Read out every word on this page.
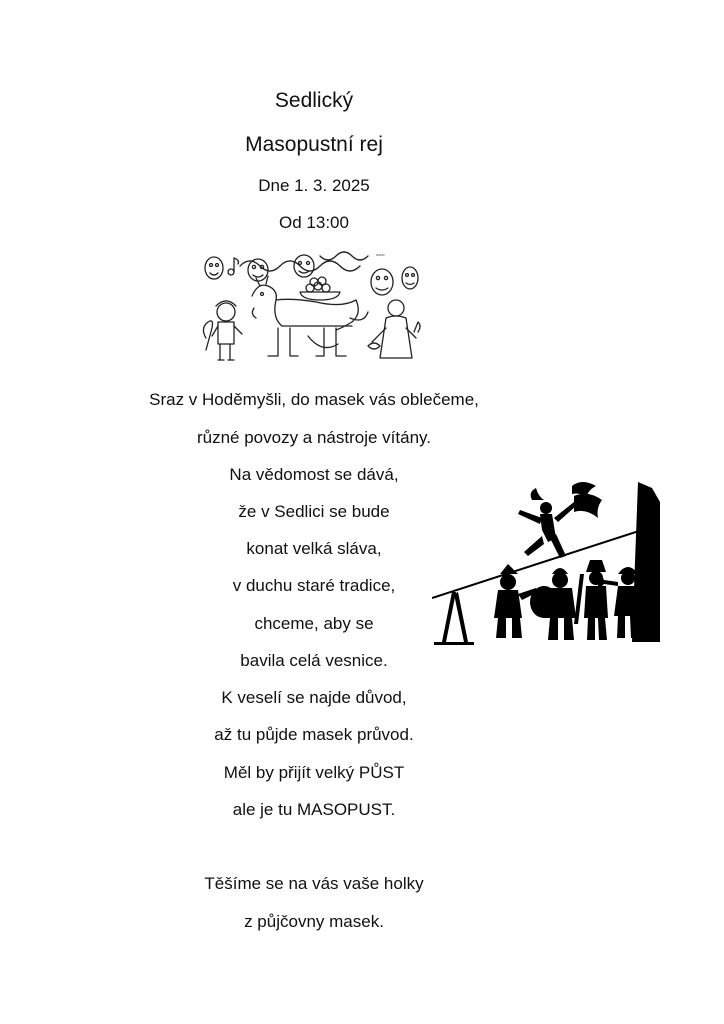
Sedlický
Masopustní rej
Dne 1. 3. 2025
Od 13:00
www
Sraz v Hoděmyšli, do masek vás oblečeme,
různé povozy a nástroje vítány.
Na vědomost se dává,
že v Sedlici se bude
konat velká sláva,
v duchu staré tradice,
chceme, aby se
bavila celá vesnice.
K veselí se najde důvod,
až tu půjde masek průvod.
Měl by přijít velký PŮST
ale je tu MASOPUST.
Těšíme se na vás vaše holky
z půjčovny masek.
